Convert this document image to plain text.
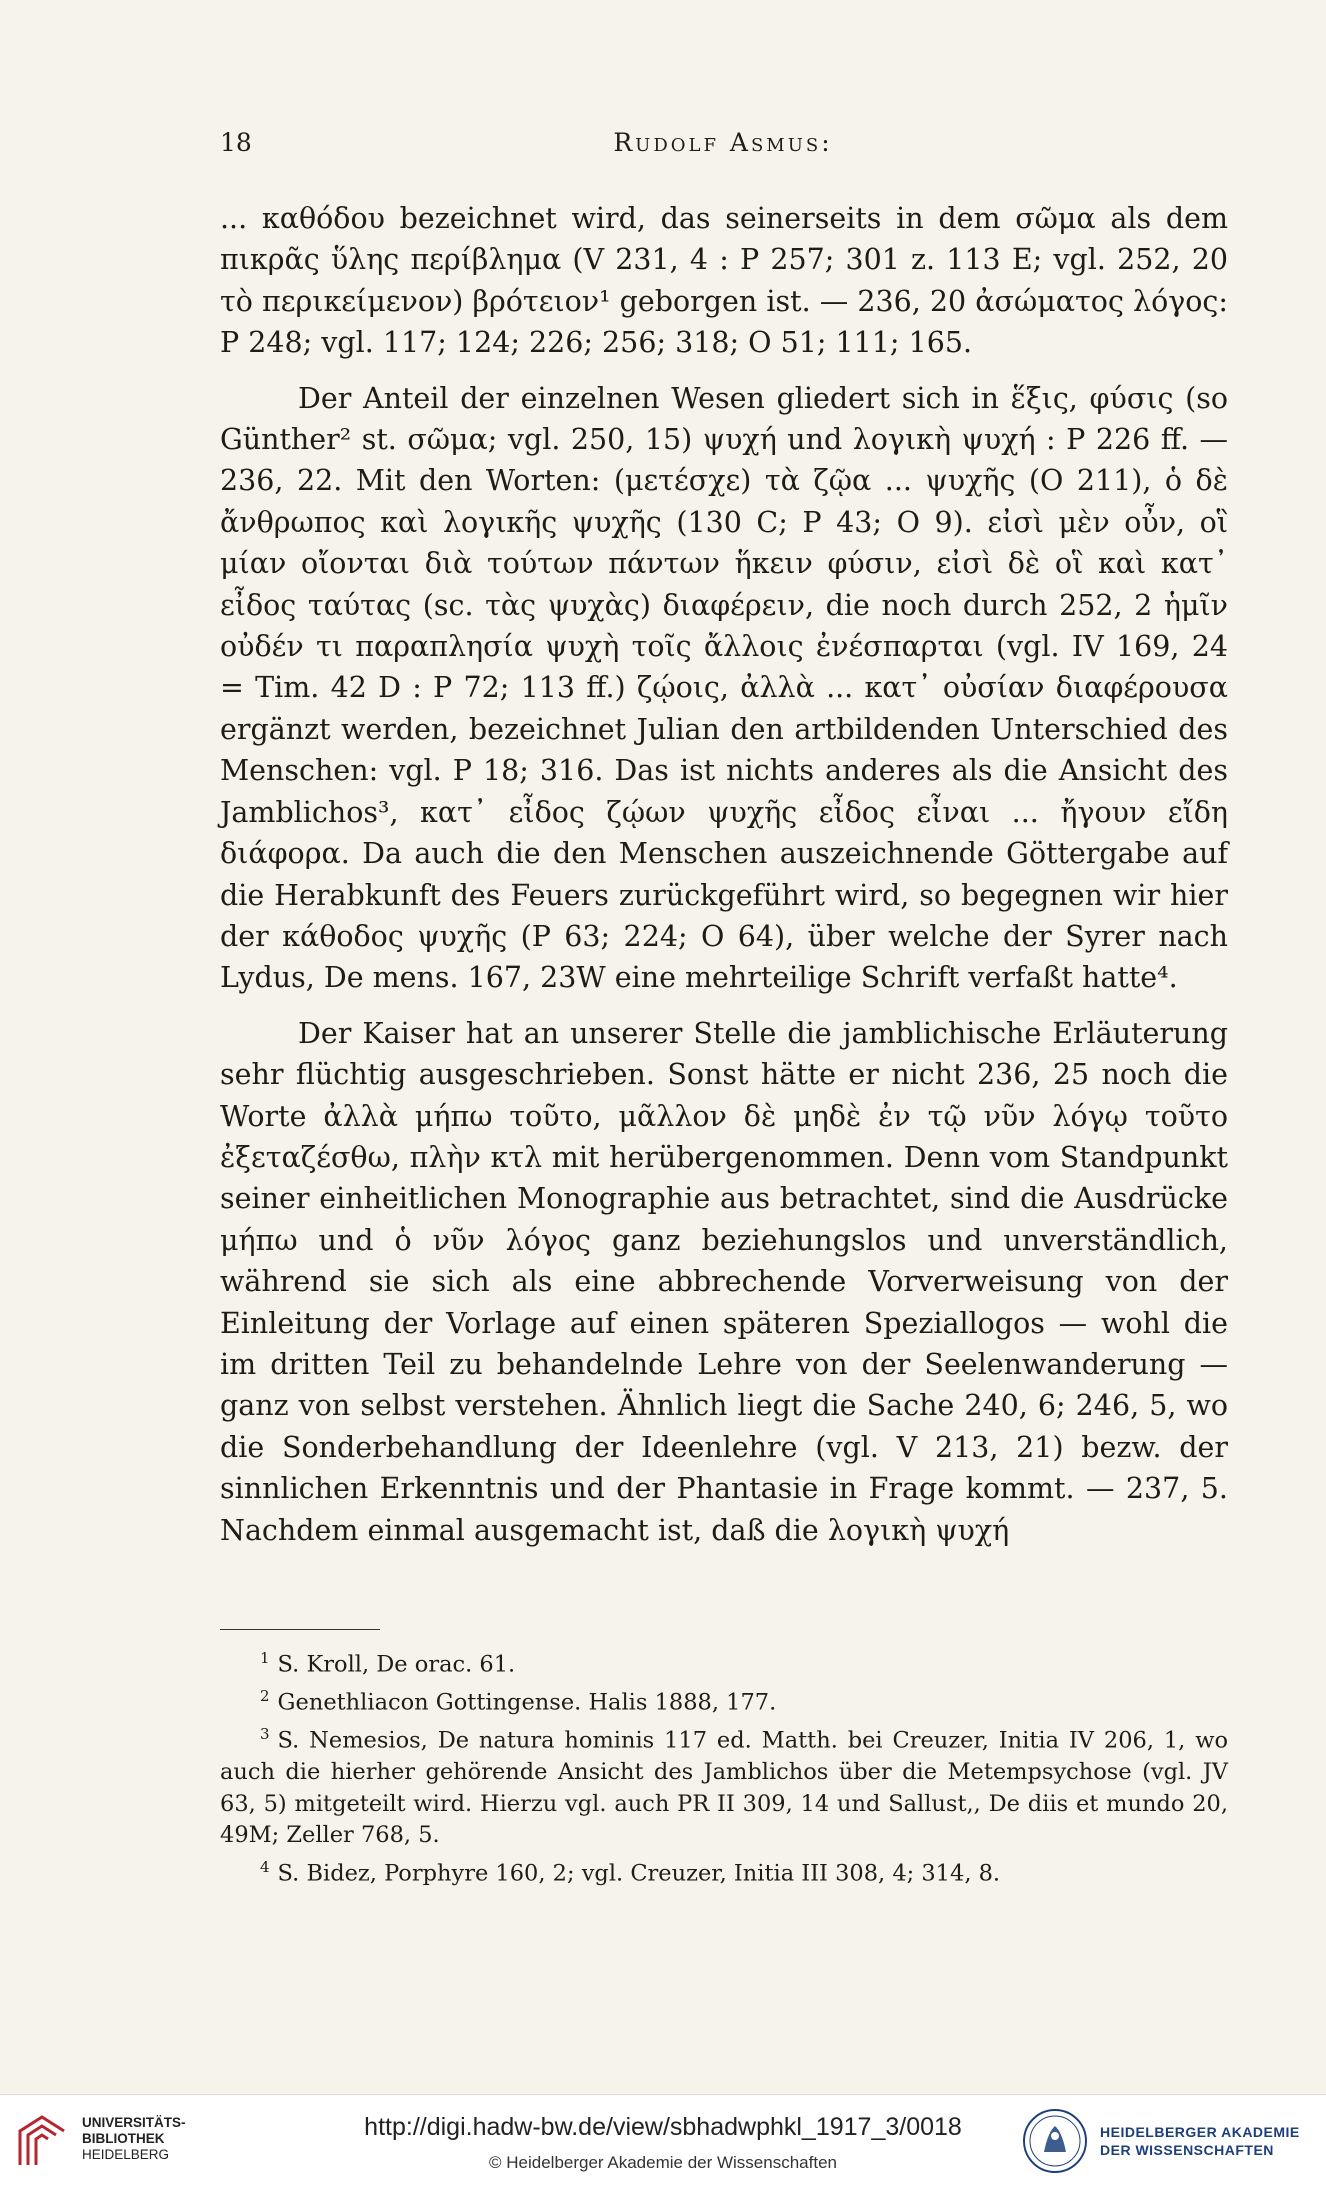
18	Rudolf Asmus:

... καθόδου bezeichnet wird, das seinerseits in dem σῶμα als dem πικρᾶς ὕλης περίβλημα (V 231, 4 : P 257; 301 z. 113 E; vgl. 252, 20 τὸ περικείμενον) βρότειον¹ geborgen ist. — 236, 20 ἀσώματος λόγος: P 248; vgl. 117; 124; 226; 256; 318; O 51; 111; 165.

Der Anteil der einzelnen Wesen gliedert sich in ἕξις, φύσις (so Günther² st. σῶμα; vgl. 250, 15) ψυχή und λογικὴ ψυχή : P 226 ff. —236, 22. Mit den Worten: (μετέσχε) τὰ ζῷα ... ψυχῆς (O 211), ὁ δὲ ἄνθρωπος καὶ λογικῆς ψυχῆς (130 C; P 43; O 9). εἰσὶ μὲν οὖν, οἳ μίαν οἴονται διὰ τούτων πάντων ἥκειν φύσιν, εἰσὶ δὲ οἳ καὶ κατ᾽ εἶδος ταύτας (sc. τὰς ψυχὰς) διαφέρειν, die noch durch 252, 2 ἡμῖν οὐδέν τι παραπλησία ψυχὴ τοῖς ἄλλοις ἐνέσπαρται (vgl. IV 169, 24 = Tim. 42 D : P 72; 113 ff.) ζῴοις, ἀλλὰ ... κατ᾽ οὐσίαν διαφέρουσα ergänzt werden, bezeichnet Julian den artbildenden Unterschied des Menschen: vgl. P 18; 316. Das ist nichts anderes als die Ansicht des Jamblichos³, κατ᾽ εἶδος ζῴων ψυχῆς εἶδος εἶναι ... ἤγουν εἴδη διάφορα. Da auch die den Menschen auszeichnende Göttergabe auf die Herabkunft des Feuers zurückgeführt wird, so begegnen wir hier der κάθοδος ψυχῆς (P 63; 224; O 64), über welche der Syrer nach Lydus, De mens. 167, 23W eine mehrteilige Schrift verfaßt hatte⁴.

Der Kaiser hat an unserer Stelle die jamblichische Erläuterung sehr flüchtig ausgeschrieben. Sonst hätte er nicht 236, 25 noch die Worte ἀλλὰ μήπω τοῦτο, μᾶλλον δὲ μηδὲ ἐν τῷ νῦν λόγῳ τοῦτο ἐξεταζέσθω, πλὴν κτλ mit herübergenommen. Denn vom Standpunkt seiner einheitlichen Monographie aus betrachtet, sind die Ausdrücke μήπω und ὁ νῦν λόγος ganz beziehungslos und unverständlich, während sie sich als eine abbrechende Vorverweisung von der Einleitung der Vorlage auf einen späteren Speziallogos — wohl die im dritten Teil zu behandelnde Lehre von der Seelenwanderung — ganz von selbst verstehen. Ähnlich liegt die Sache 240, 6; 246, 5, wo die Sonderbehandlung der Ideenlehre (vgl. V 213, 21) bezw. der sinnlichen Erkenntnis und der Phantasie in Frage kommt. — 237, 5. Nachdem einmal ausgemacht ist, daß die λογικὴ ψυχή

$^1$ S. Kroll, De orac. 61.

$^2$ Genethliacon Gottingense. Halis 1888, 177.

$^3$ S. Nemesios, De natura hominis 117 ed. Matth. bei Creuzer, Initia IV 206, 1, wo auch die hierher gehörende Ansicht des Jamblichos über die Metempsychose (vgl. JV 63, 5) mitgeteilt wird. Hierzu vgl. auch PR II 309, 14 und Sallust,, De diis et mundo 20, 49M; Zeller 768, 5.

$^4$ S. Bidez, Porphyre 160, 2; vgl. Creuzer, Initia III 308, 4; 314, 8.

UNIVERSITÄTS-
BIBLIOTHEK
HEIDELBERG
http://digi.hadw-bw.de/view/sbhadwphkl_1917_3/0018
© Heidelberger Akademie der Wissenschaften
HEIDELBERGER AKADEMIE
DER WISSENSCHAFTEN
